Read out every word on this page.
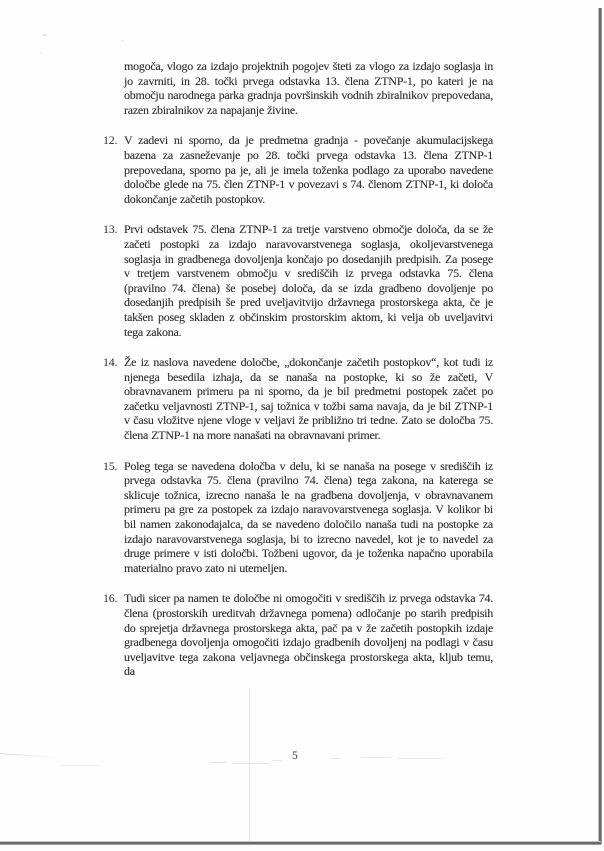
mogoča, vlogo za izdajo projektnih pogojev šteti za vlogo za izdajo soglasja in jo zavrniti, in 28. točki prvega odstavka 13. člena ZTNP-1, po kateri je na območju narodnega parka gradnja površinskih vodnih zbiralnikov prepovedana, razen zbiralnikov za napajanje živine.
12. V zadevi ni sporno, da je predmetna gradnja - povečanje akumulacijskega bazena za zasneževanje po 28. točki prvega odstavka 13. člena ZTNP-1 prepovedana, sporno pa je, ali je imela toženka podlago za uporabo navedene določbe glede na 75. člen ZTNP-1 v povezavi s 74. členom ZTNP-1, ki določa dokončanje začetih postopkov.
13. Prvi odstavek 75. člena ZTNP-1 za tretje varstveno območje določa, da se že začeti postopki za izdajo naravovarstvenega soglasja, okoljevarstvenega soglasja in gradbenega dovoljenja končajo po dosedanjih predpisih. Za posege v tretjem varstvenem območju v središčih iz prvega odstavka 75. člena (pravilno 74. člena) še posebej določa, da se izda gradbeno dovoljenje po dosedanjih predpisih še pred uveljavitvijo državnega prostorskega akta, če je takšen poseg skladen z občinskim prostorskim aktom, ki velja ob uveljavitvi tega zakona.
14. Že iz naslova navedene določbe, „dokončanje začetih postopkov“, kot tudi iz njenega besedila izhaja, da se nanaša na postopke, ki so že začeti, V obravnavanem primeru pa ni sporno, da je bil predmetni postopek začet po začetku veljavnosti ZTNP-1, saj tožnica v tožbi sama navaja, da je bil ZTNP-1 v času vložitve njene vloge v veljavi že približno tri tedne. Zato se določba 75. člena ZTNP-1 na more nanašati na obravnavani primer.
15. Poleg tega se navedena določba v delu, ki se nanaša na posege v središčih iz prvega odstavka 75. člena (pravilno 74. člena) tega zakona, na katerega se sklicuje tožnica, izrecno nanaša le na gradbena dovoljenja, v obravnavanem primeru pa gre za postopek za izdajo naravovarstvenega soglasja. V kolikor bi bil namen zakonodajalca, da se navedeno določilo nanaša tudi na postopke za izdajo naravovarstvenega soglasja, bi to izrecno navedel, kot je to navedel za druge primere v isti določbi. Tožbeni ugovor, da je toženka napačno uporabila materialno pravo zato ni utemeljen.
16. Tudi sicer pa namen te določbe ni omogočiti v središčih iz prvega odstavka 74. člena (prostorskih ureditvah državnega pomena) odločanje po starih predpisih do sprejetja državnega prostorskega akta, pač pa v že začetih postopkih izdaje gradbenega dovoljenja omogočiti izdajo gradbenih dovoljenj na podlagi v času uveljavitve tega zakona veljavnega občinskega prostorskega akta, kljub temu, da
5
